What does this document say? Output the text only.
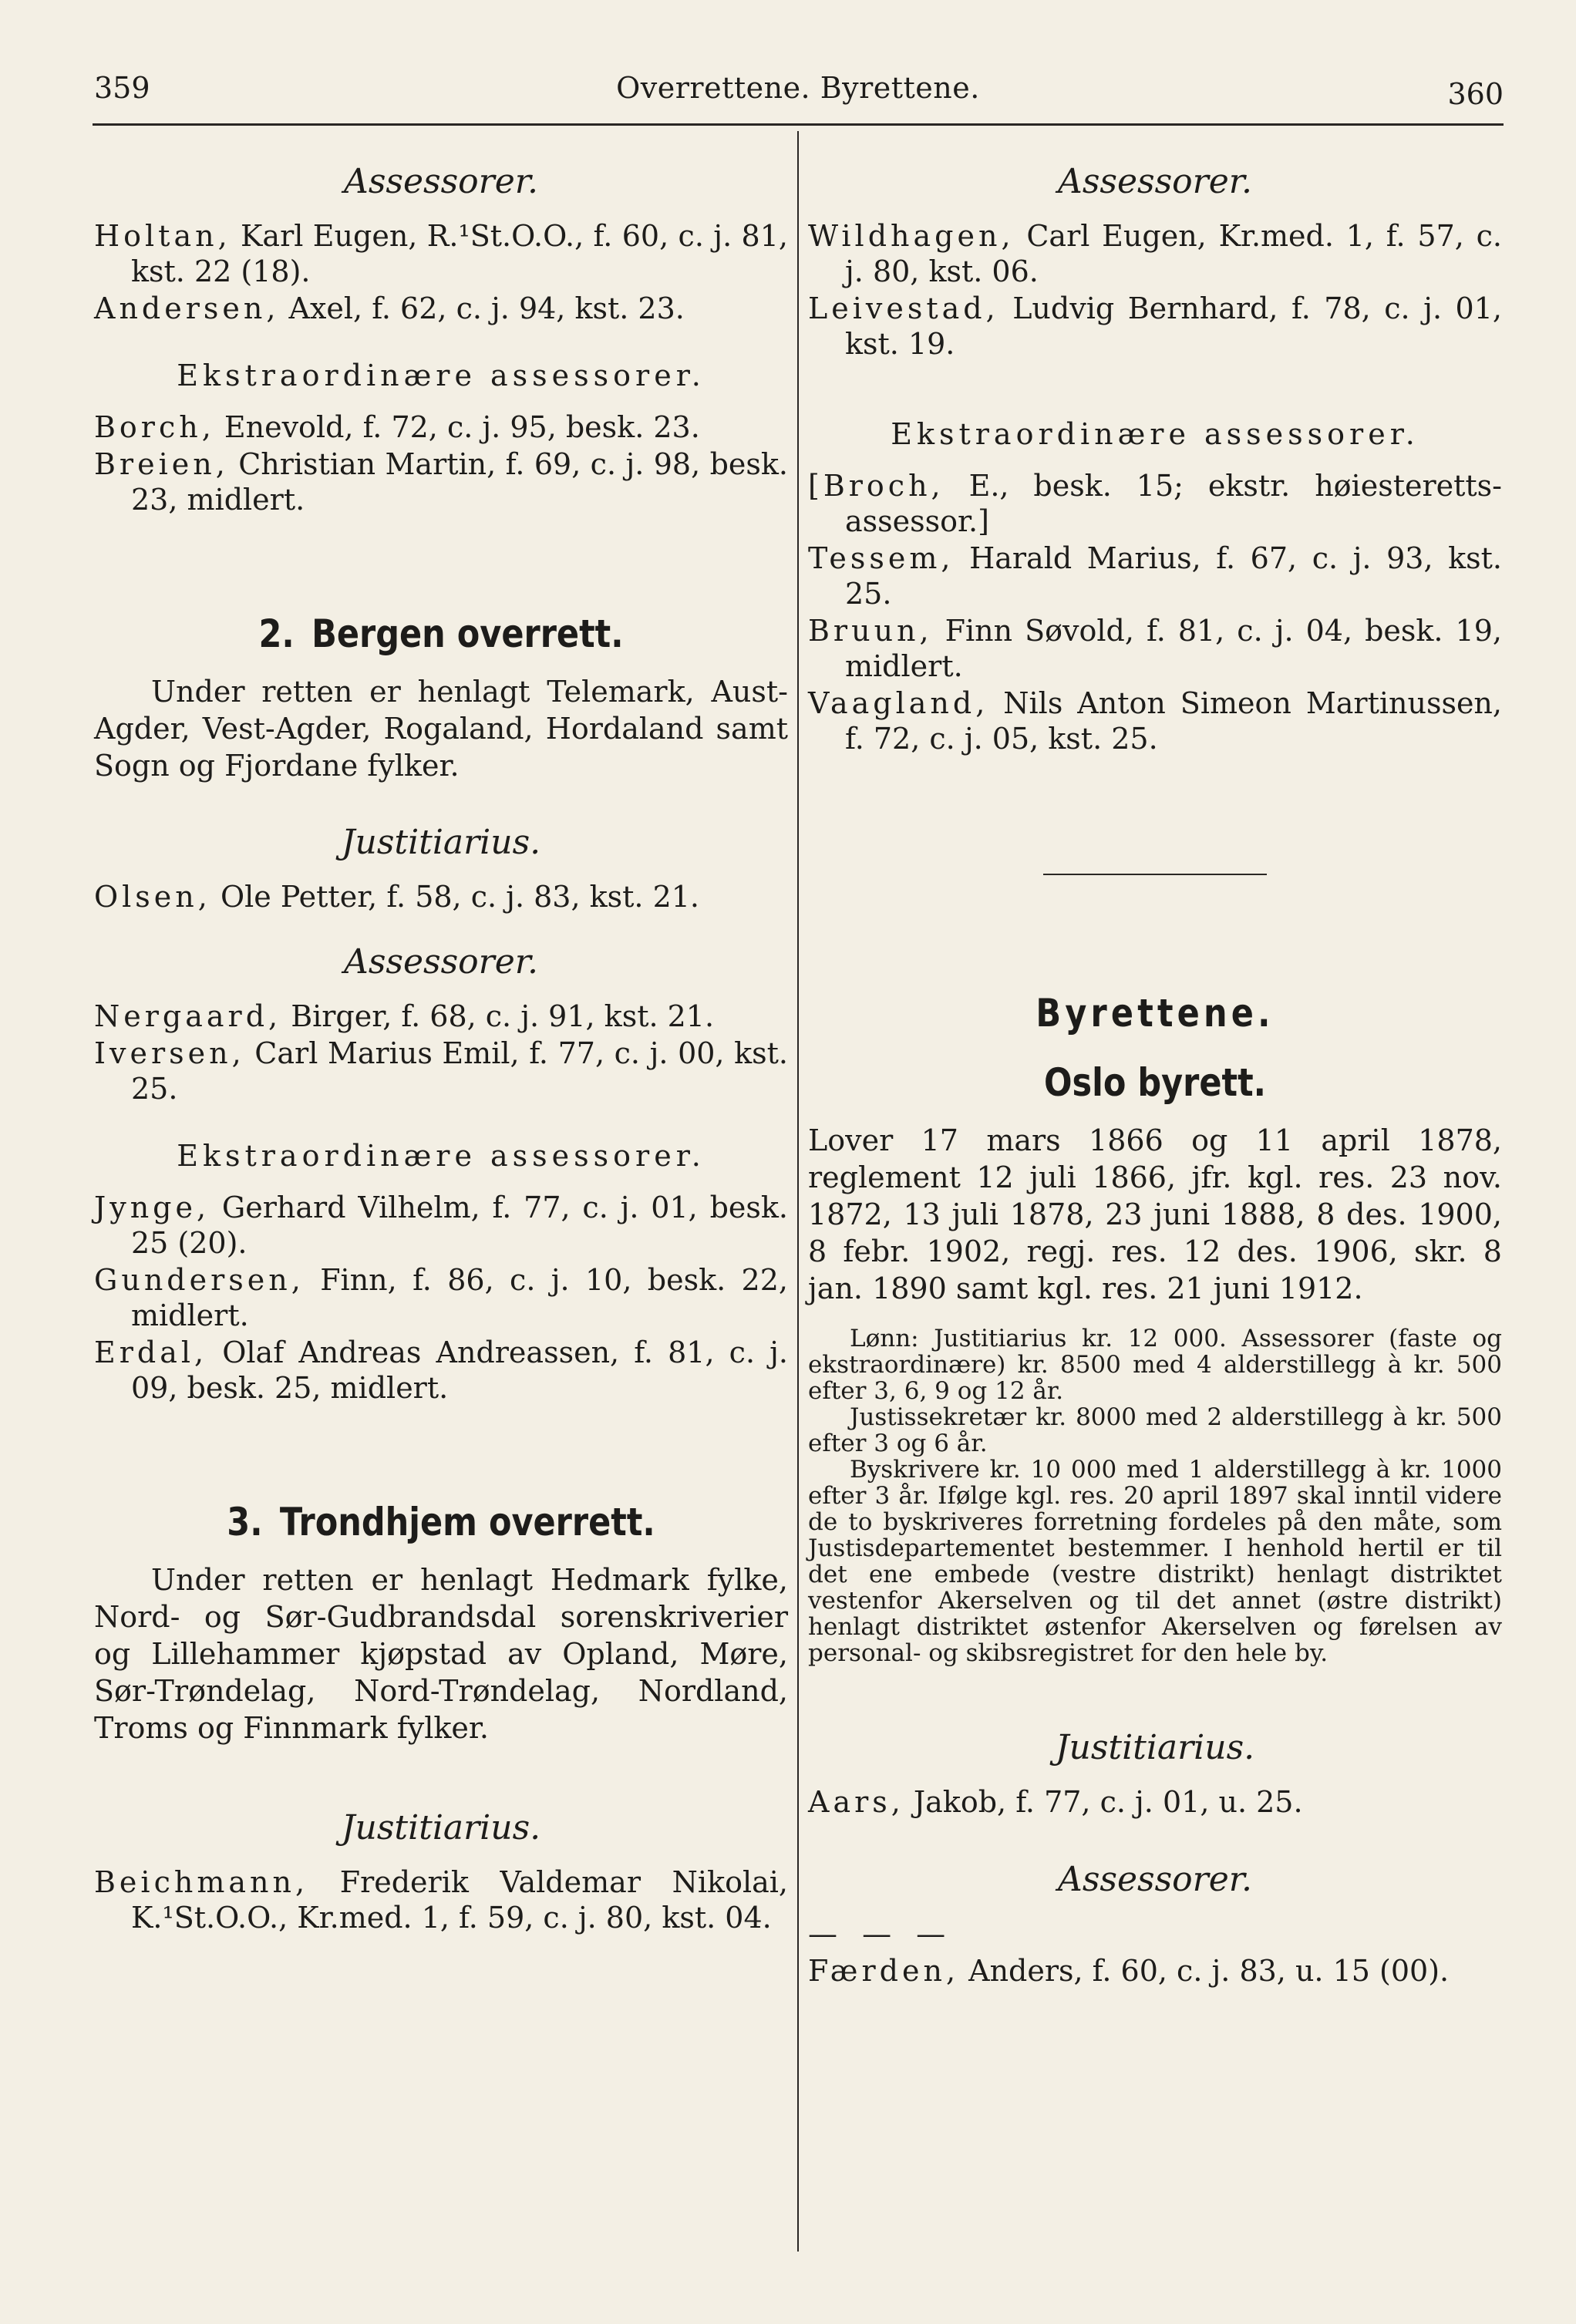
359	Overrettene. Byrettene.	360
Assessorer.

Holtan, Karl Eugen, R.¹St.O.O., f. 60, c. j. 81, kst. 22 (18).

Andersen, Axel, f. 62, c. j. 94, kst. 23.

Ekstraordinære assessorer.

Borch, Enevold, f. 72, c. j. 95, besk. 23.

Breien, Christian Martin, f. 69, c. j. 98, besk. 23, midlert.

2. Bergen overrett.

Under retten er henlagt Telemark, Aust-Agder, Vest-Agder, Rogaland, Hordaland samt Sogn og Fjordane fylker.

Justitiarius.

Olsen, Ole Petter, f. 58, c. j. 83, kst. 21.

Assessorer.

Nergaard, Birger, f. 68, c. j. 91, kst. 21.

Iversen, Carl Marius Emil, f. 77, c. j. 00, kst. 25.

Ekstraordinære assessorer.

Jynge, Gerhard Vilhelm, f. 77, c. j. 01, besk. 25 (20).

Gundersen, Finn, f. 86, c. j. 10, besk. 22, midlert.

Erdal, Olaf Andreas Andreassen, f. 81, c. j. 09, besk. 25, midlert.

3. Trondhjem overrett.

Under retten er henlagt Hedmark fylke, Nord- og Sør-Gudbrandsdal sorenskriverier og Lillehammer kjøpstad av Opland, Møre, Sør-Trøndelag, Nord-Trøndelag, Nordland, Troms og Finnmark fylker.

Justitiarius.

Beichmann, Frederik Valdemar Nikolai, K.¹St.O.O., Kr.med. 1, f. 59, c. j. 80, kst. 04.

Assessorer.

Wildhagen, Carl Eugen, Kr.med. 1, f. 57, c. j. 80, kst. 06.

Leivestad, Ludvig Bernhard, f. 78, c. j. 01, kst. 19.

Ekstraordinære assessorer.

[Broch, E., besk. 15; ekstr. høiesteretts-assessor.]

Tessem, Harald Marius, f. 67, c. j. 93, kst. 25.

Bruun, Finn Søvold, f. 81, c. j. 04, besk. 19, midlert.

Vaagland, Nils Anton Simeon Martinussen, f. 72, c. j. 05, kst. 25.

Byrettene.
Oslo byrett.

Lover 17 mars 1866 og 11 april 1878, reglement 12 juli 1866, jfr. kgl. res. 23 nov. 1872, 13 juli 1878, 23 juni 1888, 8 des. 1900, 8 febr. 1902, regj. res. 12 des. 1906, skr. 8 jan. 1890 samt kgl. res. 21 juni 1912.

Lønn: Justitiarius kr. 12 000. Assessorer (faste og ekstraordinære) kr. 8500 med 4 alderstillegg à kr. 500 efter 3, 6, 9 og 12 år.

Justissekretær kr. 8000 med 2 alderstillegg à kr. 500 efter 3 og 6 år.

Byskrivere kr. 10 000 med 1 alderstillegg à kr. 1000 efter 3 år. Ifølge kgl. res. 20 april 1897 skal inntil videre de to byskriveres forretning fordeles på den måte, som Justisdepartementet bestemmer. I henhold hertil er til det ene embede (vestre distrikt) henlagt distriktet vestenfor Akerselven og til det annet (østre distrikt) henlagt distriktet østenfor Akerselven og førelsen av personal- og skibsregistret for den hele by.

Justitiarius.

Aars, Jakob, f. 77, c. j. 01, u. 25.

Assessorer.

— — —

Færden, Anders, f. 60, c. j. 83, u. 15 (00).
